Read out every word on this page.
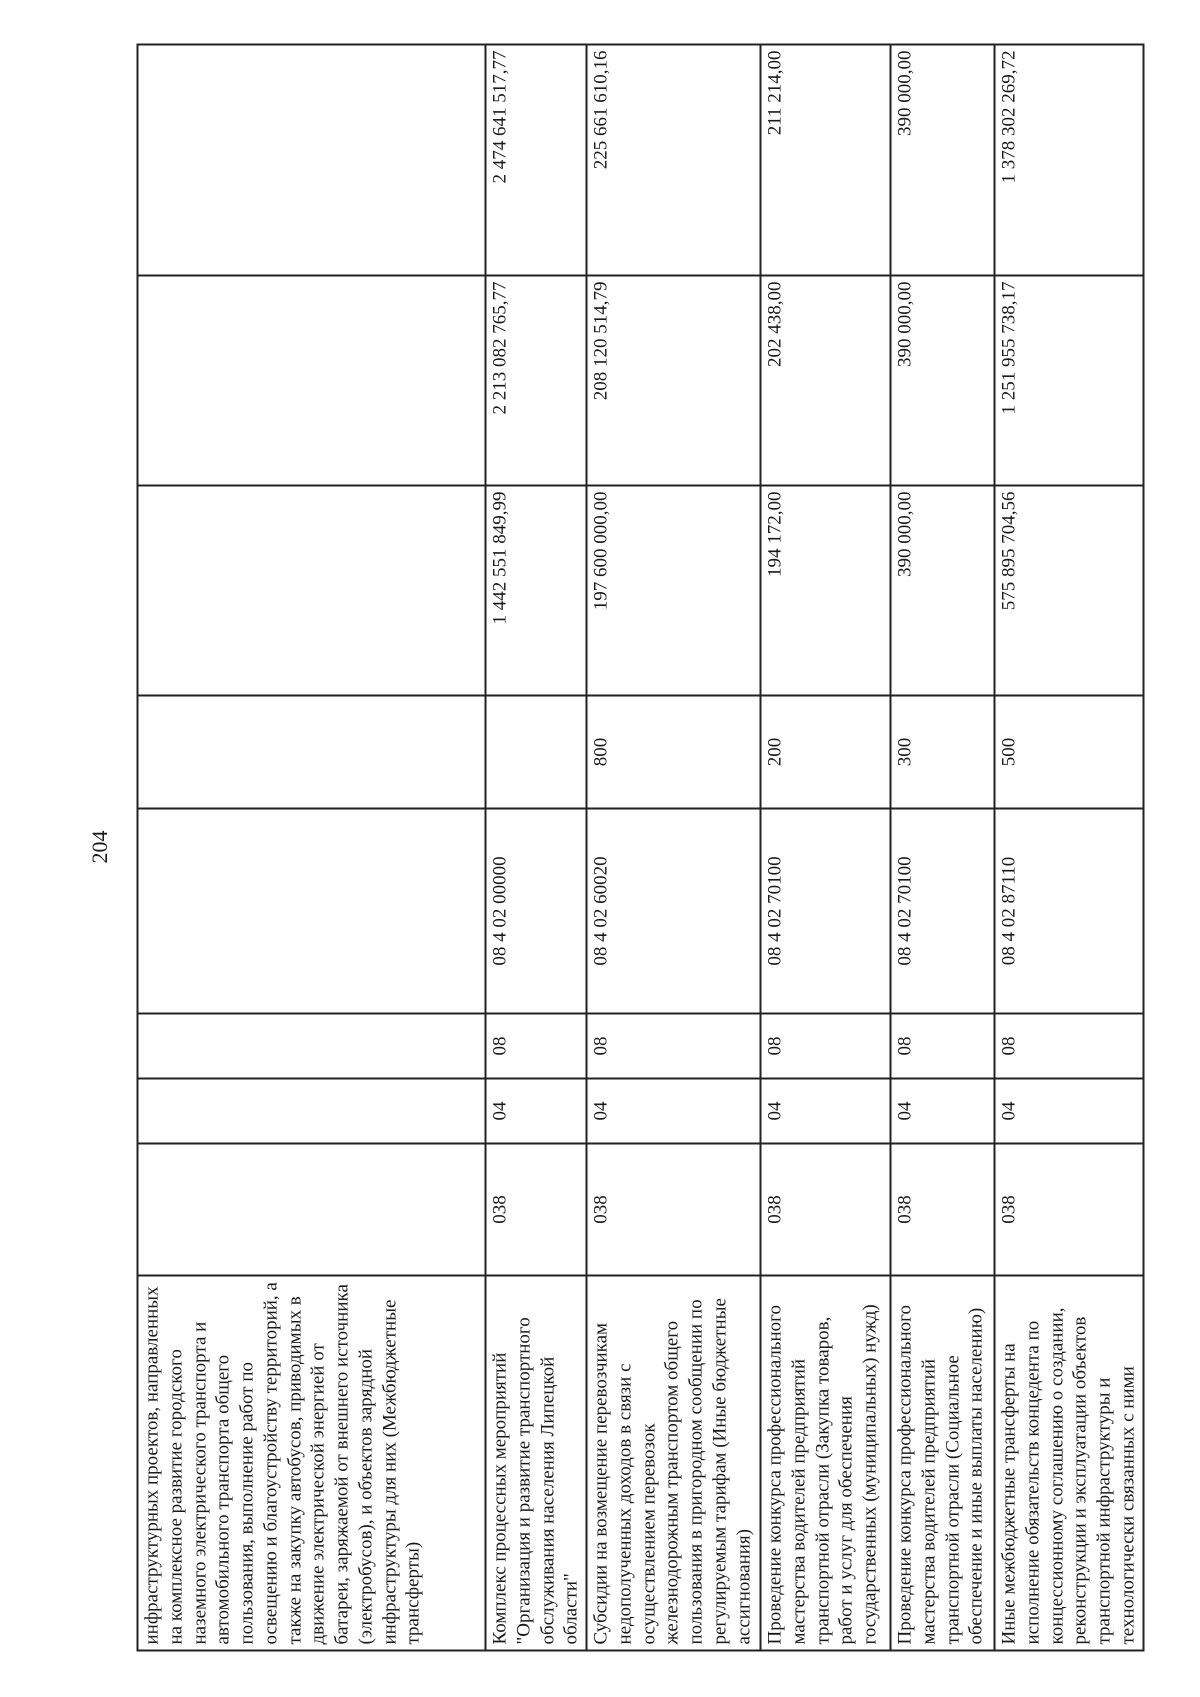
204
инфраструктурных проектов, направленных на комплексное развитие городского наземного электрического транспорта и автомобильного транспорта общего пользования, выполнение работ по освещению и благоустройству территорий, а также на закупку автобусов, приводимых в движение электрической энергией от батареи, заряжаемой от внешнего источника (электробусов), и объектов зарядной инфраструктуры для них (Межбюджетные трансферты)								
Комплекс процессных мероприятий "Организация и развитие транспортного обслуживания населения Липецкой области"	038	04	08	08 4 02 00000		1 442 551 849,99	2 213 082 765,77	2 474 641 517,77
Субсидии на возмещение перевозчикам недополученных доходов в связи с осуществлением перевозок железнодорожным транспортом общего пользования в пригородном сообщении по регулируемым тарифам (Иные бюджетные ассигнования)	038	04	08	08 4 02 60020	800	197 600 000,00	208 120 514,79	225 661 610,16
Проведение конкурса профессионального мастерства водителей предприятий транспортной отрасли (Закупка товаров, работ и услуг для обеспечения государственных (муниципальных) нужд)	038	04	08	08 4 02 70100	200	194 172,00	202 438,00	211 214,00
Проведение конкурса профессионального мастерства водителей предприятий транспортной отрасли (Социальное обеспечение и иные выплаты населению)	038	04	08	08 4 02 70100	300	390 000,00	390 000,00	390 000,00
Иные межбюджетные трансферты на исполнение обязательств концедента по концессионному соглашению о создании, реконструкции и эксплуатации объектов транспортной инфраструктуры и технологически связанных с ними	038	04	08	08 4 02 87110	500	575 895 704,56	1 251 955 738,17	1 378 302 269,72
